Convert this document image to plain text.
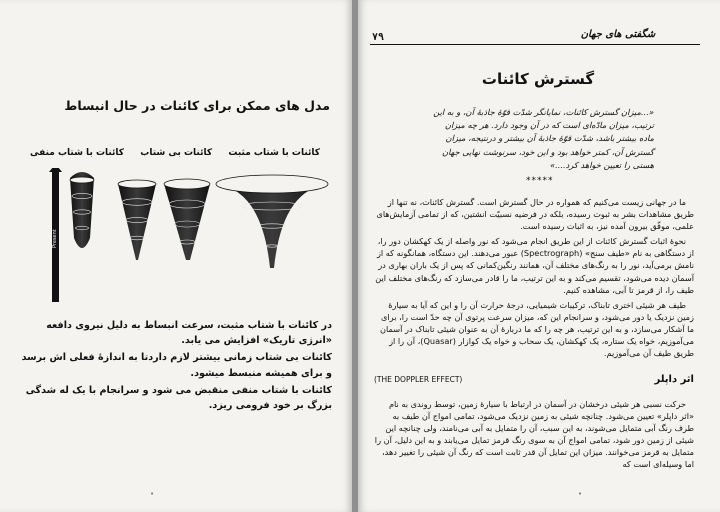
مدل های ممکن برای کائنات در حال انبساط
کائنات با شتاب مثبت
کائنات بی شتاب
کائنات با شتاب منفی
Present

در کائنات با شتاب مثبت، سرعت انبساط به دلیل نیروی دافعه «انرژی تاریک» افزایش می یابد.

کائنات بی شتاب زمانی بیشتر لازم داردتا به اندازهٔ فعلی اش برسد و برای همیشه منبسط میشود.

کائنات با شتاب منفی منقبض می شود و سرانجام با یک له شدگی بزرگ بر خود فرومی ریزد.

•
۷۹	شگفتی های جهان
گسترش کائنات
«...میزان گسترش کائنات، نمایانگر شدّت قوّهٔ جاذبهٔ آن، و به این ترتیب، میزان مادّه‌ای است که در آن وجود دارد. هر چه میزان ماده بیشتر باشد، شدّت قوّهٔ جاذبهٔ آن بیشتر و درنتیجه، میزان گسترش آن، کمتر خواهد بود و این خود، سرنوشت نهایی جهان هستی را تعیین خواهد کرد....»
*****

ما در جهانی زیست می‌کنیم که همواره در حال گسترش است. گسترش کائنات، نه تنها از طریق مشاهدات بشر به ثبوت رسیده، بلکه در فرضیه نسبیّت انشتین، که از تمامی آزمایش‌های علمی، موفّق بیرون آمده نیز، به اثبات رسیده است.

نحوهٔ اثبات گسترش کائنات از این طریق انجام می‌شود که نور واصله از یک کهکشان دور را، از دستگاهی به نام «طیف سنج» (Spectrograph) عبور می‌دهند. این دستگاه، همانگونه که از نامش برمی‌آید، نور را به رنگ‌های مختلف آن، همانند رنگین‌کمانی که پس از یک باران بهاری در آسمان دیده می‌شود، تقسیم می‌کند و به این ترتیب، ما را قادر می‌سازد که رنگ‌های مختلف این طیف را، از قرمز تا آبی، مشاهده کنیم.

طیف هر شیئی اختری تابناک، ترکیبات شیمیایی، درجهٔ حرارت آن را و این که آیا به سیارهٔ زمین نزدیک یا دور می‌شود، و سرانجام این که، میزان سرعت پرتوی آن چه حدّ است را، برای ما آشکار می‌سازد، و به این ترتیب، هر چه را که ما دربارهٔ آن به عنوان شیئی تابناک در آسمان می‌آموزیم، خواه یک ستاره، یک کهکشان، یک سحاب و خواه یک کوازار (Quasar)، آن را از طریق طیف آن می‌آموزیم.

اثر داپلر
(THE DOPPLER EFFECT)

حرکت نسبی هر شیئی درخشان در آسمان در ارتباط با سیارهٔ زمین، توسط روندی به نام «اثر داپلر» تعیین می‌شود. چنانچه شیئی به زمین نزدیک می‌شود، تمامی امواج آن طیف به طرف رنگ آبی متمایل می‌شوند، به این سبب، آن را متمایل به آبی می‌نامند، ولی چنانچه این شیئی از زمین دور شود، تمامی امواج آن به سوی رنگ قرمز تمایل می‌یابند و به این دلیل، آن را متمایل به قرمز می‌خوانند. میزان این تمایل آن قدر ثابت است که رنگ آن شیئی را تغییر دهد، اما وسیله‌ای است که

•
